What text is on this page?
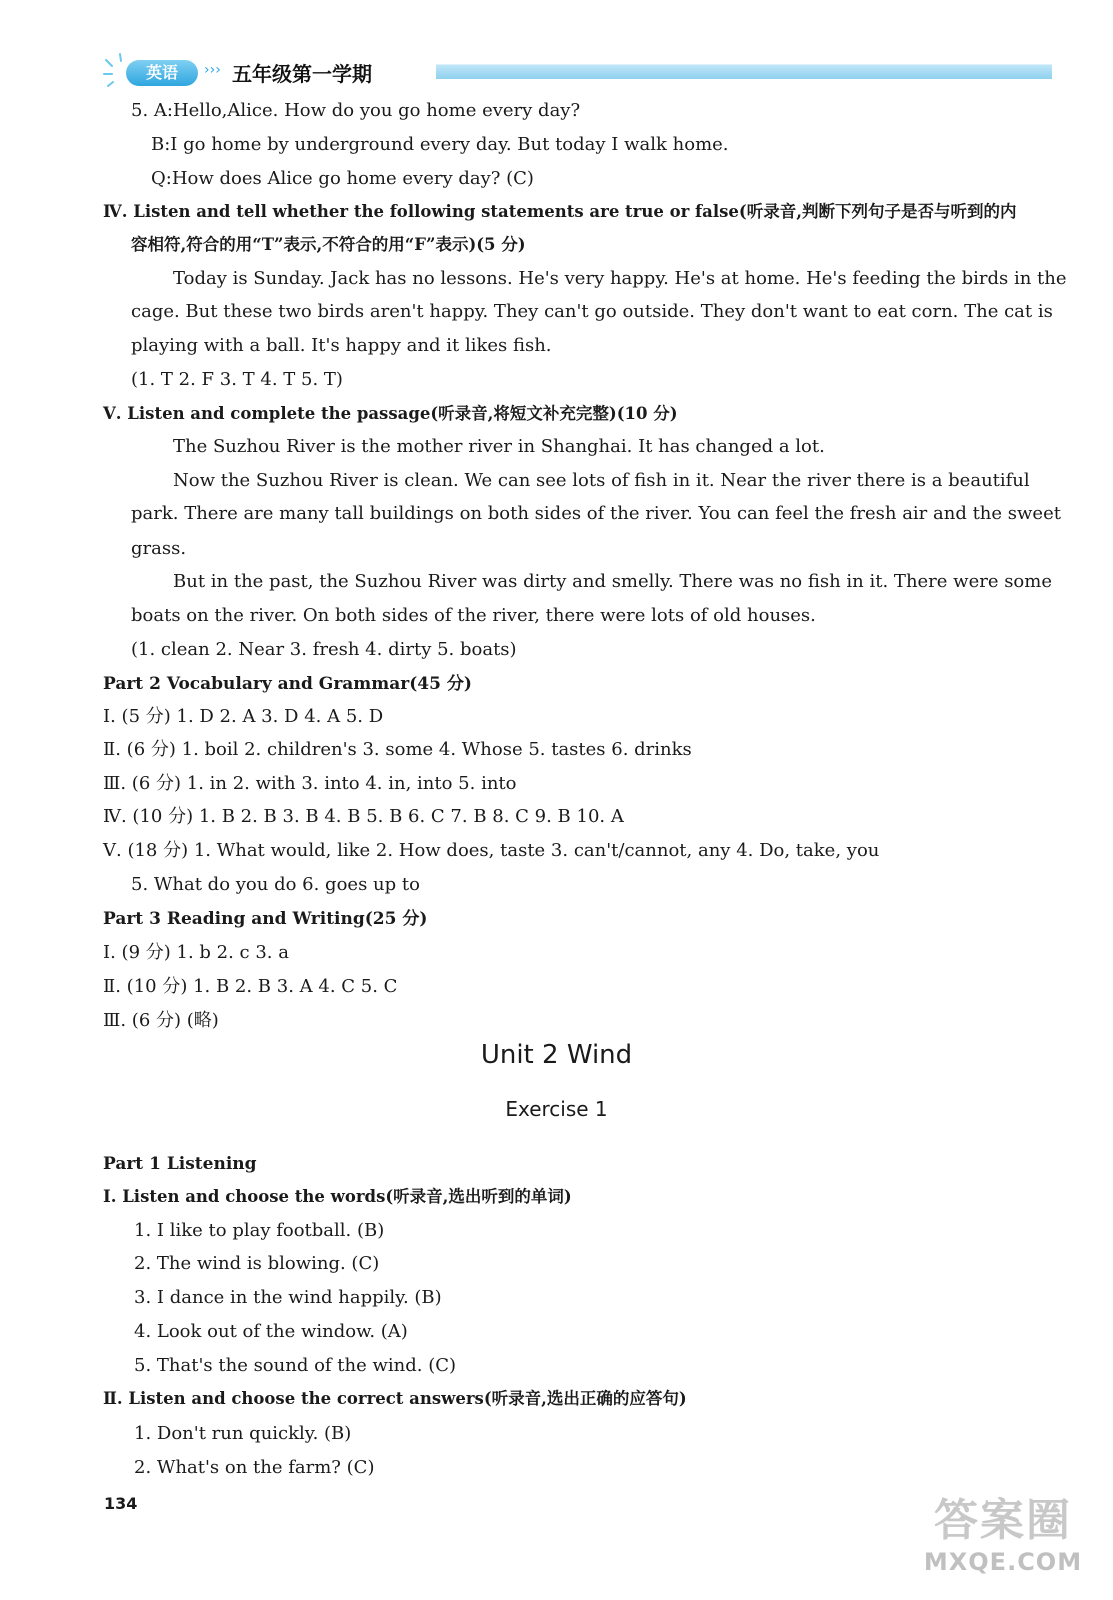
英语	››› 五年级第一学期
5. A:Hello,Alice. How do you go home every day?
B:I go home by underground every day. But today I walk home.
Q:How does Alice go home every day? (C)
Ⅳ. Listen and tell whether the following statements are true or false(听录音,判断下列句子是否与听到的内
容相符,符合的用“T”表示,不符合的用“F”表示)(5 分)
Today is Sunday. Jack has no lessons. He's very happy. He's at home. He's feeding the birds in the
cage. But these two birds aren't happy. They can't go outside. They don't want to eat corn. The cat is
playing with a ball. It's happy and it likes fish.
(1. T 2. F 3. T 4. T 5. T)
Ⅴ. Listen and complete the passage(听录音,将短文补充完整)(10 分)
The Suzhou River is the mother river in Shanghai. It has changed a lot.
Now the Suzhou River is clean. We can see lots of fish in it. Near the river there is a beautiful
park. There are many tall buildings on both sides of the river. You can feel the fresh air and the sweet
grass.
But in the past, the Suzhou River was dirty and smelly. There was no fish in it. There were some
boats on the river. On both sides of the river, there were lots of old houses.
(1. clean 2. Near 3. fresh 4. dirty 5. boats)
Part 2 Vocabulary and Grammar(45 分)
Ⅰ. (5 分) 1. D 2. A 3. D 4. A 5. D
Ⅱ. (6 分) 1. boil 2. children's 3. some 4. Whose 5. tastes 6. drinks
Ⅲ. (6 分) 1. in 2. with 3. into 4. in, into 5. into
Ⅳ. (10 分) 1. B 2. B 3. B 4. B 5. B 6. C 7. B 8. C 9. B 10. A
Ⅴ. (18 分) 1. What would, like 2. How does, taste 3. can't/cannot, any 4. Do, take, you
5. What do you do 6. goes up to
Part 3 Reading and Writing(25 分)
Ⅰ. (9 分) 1. b 2. c 3. a
Ⅱ. (10 分) 1. B 2. B 3. A 4. C 5. C
Ⅲ. (6 分) (略)
Unit 2 Wind
Exercise 1
Part 1 Listening
Ⅰ. Listen and choose the words(听录音,选出听到的单词)
1. I like to play football. (B)
2. The wind is blowing. (C)
3. I dance in the wind happily. (B)
4. Look out of the window. (A)
5. That's the sound of the wind. (C)
Ⅱ. Listen and choose the correct answers(听录音,选出正确的应答句)
1. Don't run quickly. (B)
2. What's on the farm? (C)
134	答案圈
MXQE.COM
